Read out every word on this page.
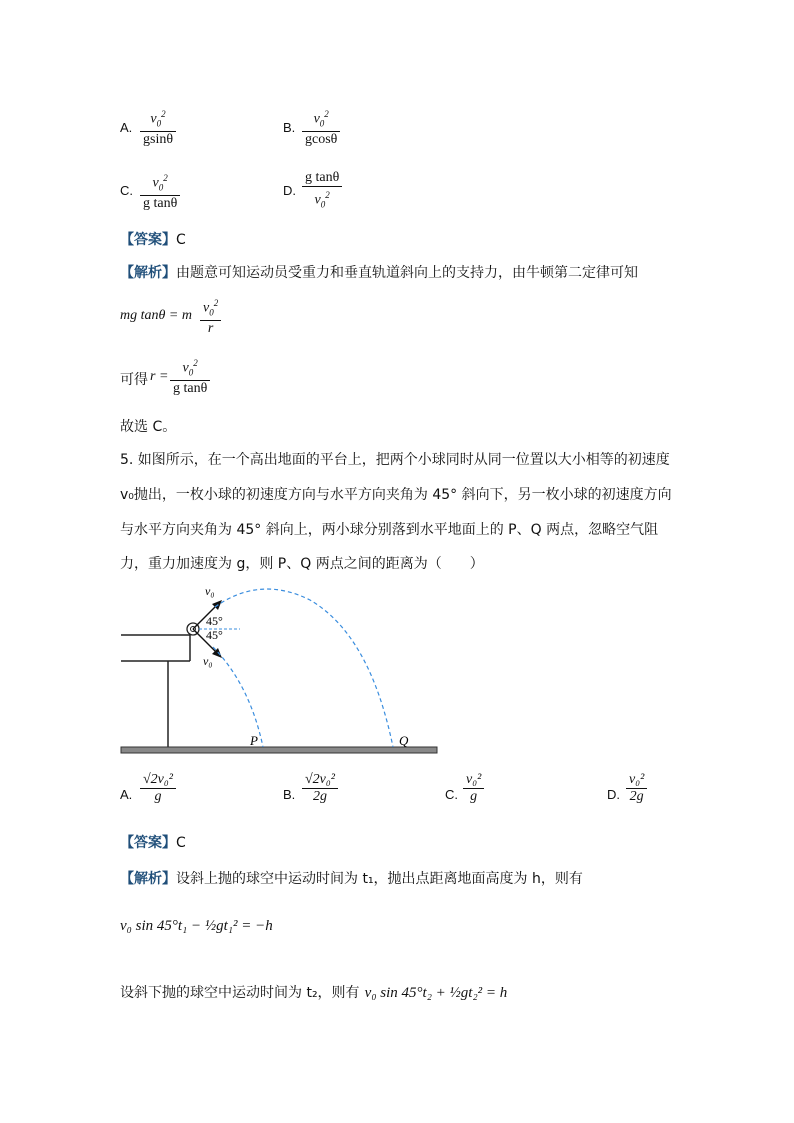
A.
$v_0^2$
gsinθ
B.
$v_0^2$
gcosθ
C. $v_0^2$
g tanθ
D.
g tanθ
$v_0^2$
【答案】C
【解析】由题意可知运动员受重力和垂直轨道斜向上的支持力，由牛顿第二定律可知
mg tanθ = m $v_0^2$
r
可得 r =
$v_0^2$
g tanθ
故选 C。
5. 如图所示，在一个高出地面的平台上，把两个小球同时从同一位置以大小相等的初速度
v₀抛出，一枚小球的初速度方向与水平方向夹角为 45° 斜向下，另一枚小球的初速度方向
与水平方向夹角为 45° 斜向上，两小球分别落到水平地面上的 P、Q 两点，忽略空气阻
力，重力加速度为 g，则 P、Q 两点之间的距离为（　　）
v₀
v₀
45°
45°
P	Q
A.
√2v₀²
g	B.
√2v₀²
2g	C.
v₀²
g	D.
v₀²
2g
【答案】C
【解析】设斜上抛的球空中运动时间为 t₁，抛出点距离地面高度为 h，则有
v₀ sin 45°t₁ − ½gt₁² = −h
设斜下抛的球空中运动时间为 t₂，则有 v₀ sin 45°t₂ + ½gt₂² = h
